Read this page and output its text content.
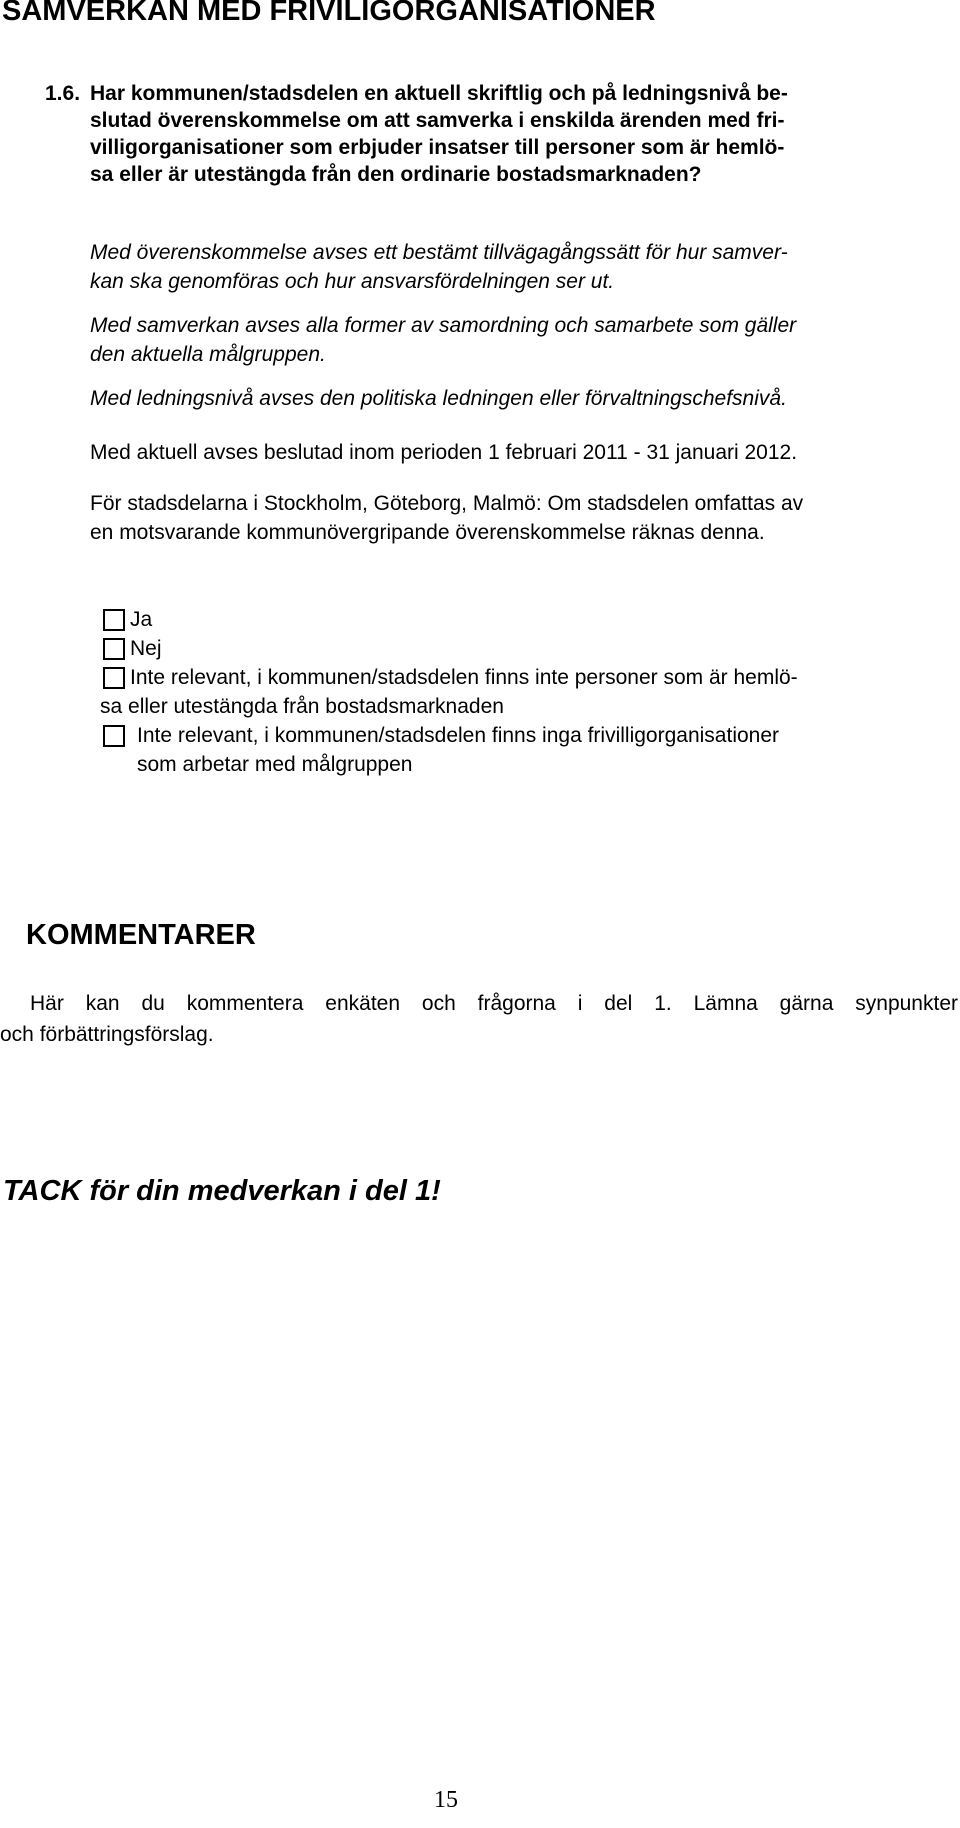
SAMVERKAN MED FRIVILIGORGANISATIONER
1.6. Har kommunen/stadsdelen en aktuell skriftlig och på ledningsnivå be-
slutad överenskommelse om att samverka i enskilda ärenden med fri-
villigorganisationer som erbjuder insatser till personer som är hemlö-
sa eller är utestängda från den ordinarie bostadsmarknaden?
Med överenskommelse avses ett bestämt tillvägagångssätt för hur samver-
kan ska genomföras och hur ansvarsfördelningen ser ut.
Med samverkan avses alla former av samordning och samarbete som gäller
den aktuella målgruppen.
Med ledningsnivå avses den politiska ledningen eller förvaltningschefsnivå.
Med aktuell avses beslutad inom perioden 1 februari 2011 - 31 januari 2012.
För stadsdelarna i Stockholm, Göteborg, Malmö: Om stadsdelen omfattas av
en motsvarande kommunövergripande överenskommelse räknas denna.
Ja
Nej
Inte relevant, i kommunen/stadsdelen finns inte personer som är hemlö-
sa eller utestängda från bostadsmarknaden
Inte relevant, i kommunen/stadsdelen finns inga frivilligorganisationer
som arbetar med målgruppen
KOMMENTARER
Här kan du kommentera enkäten och frågorna i del 1. Lämna gärna synpunkter
och förbättringsförslag.
TACK för din medverkan i del 1!
15
